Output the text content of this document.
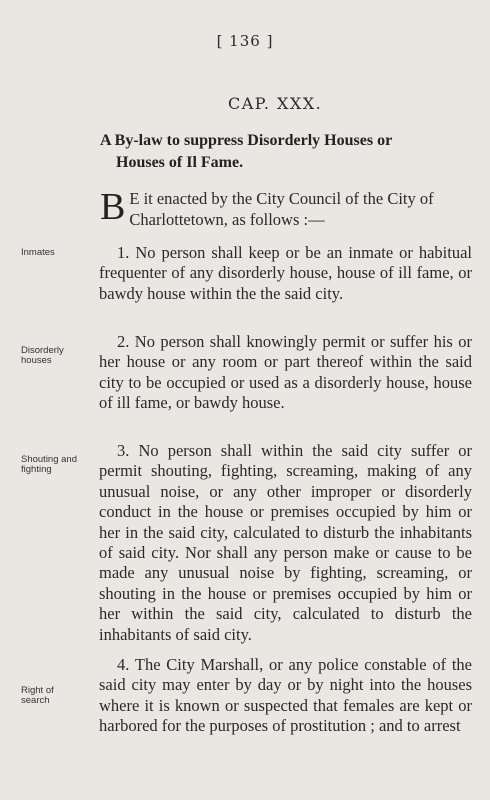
[ 136 ]
CAP. XXX.
A By-law to suppress Disorderly Houses or
Houses of Il Fame.
B E it enacted by the City Council of the City of Charlottetown, as follows :—
Inmates	1. No person shall keep or be an inmate or habitual frequenter of any disorderly house, house of ill fame, or bawdy house within the the said city.
Disorderly houses
2. No person shall knowingly permit or suffer his or her house or any room or part thereof within the said city to be occupied or used as a disorderly house, house of ill fame, or bawdy house.
Shouting and fighting
3. No person shall within the said city suffer or permit shouting, fighting, screaming, making of any unusual noise, or any other improper or disorderly conduct in the house or premises occupied by him or her in the said city, calculated to disturb the inhabitants of said city. Nor shall any person make or cause to be made any unusual noise by fighting, screaming, or shouting in the house or premises occupied by him or her within the said city, calculated to disturb the inhabitants of said city.
Right of search
4. The City Marshall, or any police constable of the said city may enter by day or by night into the houses where it is known or suspected that females are kept or harbored for the purposes of prostitution ; and to arrest
